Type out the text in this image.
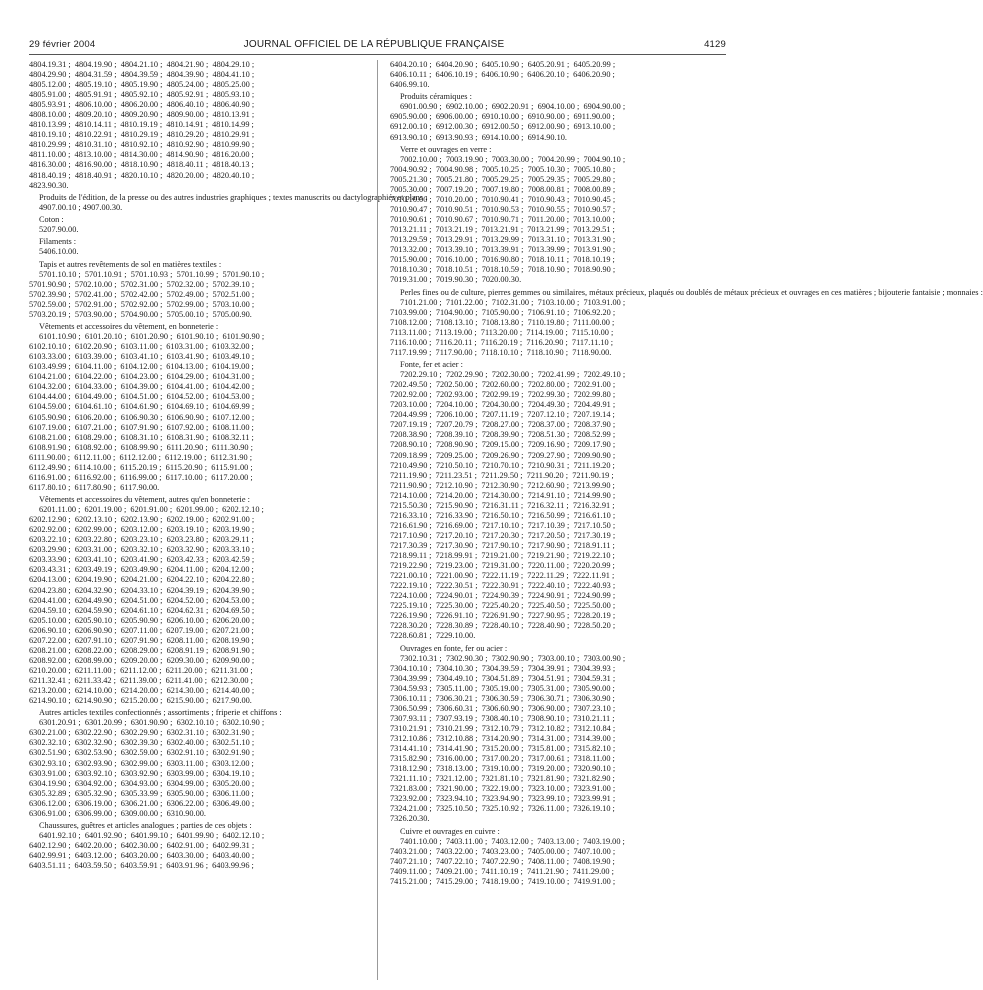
29 février 2004	JOURNAL OFFICIEL DE LA RÉPUBLIQUE FRANÇAISE	4129
4804.19.31 ;  4804.19.90 ;  4804.21.10 ;  4804.21.90 ;  4804.29.10 ;
4804.29.90 ;  4804.31.59 ;  4804.39.59 ;  4804.39.90 ;  4804.41.10 ;
4805.12.00 ;  4805.19.10 ;  4805.19.90 ;  4805.24.00 ;  4805.25.00 ;
4805.91.00 ;  4805.91.91 ;  4805.92.10 ;  4805.92.91 ;  4805.93.10 ;
4805.93.91 ;  4806.10.00 ;  4806.20.00 ;  4806.40.10 ;  4806.40.90 ;
4808.10.00 ;  4809.20.10 ;  4809.20.90 ;  4809.90.00 ;  4810.13.91 ;
4810.13.99 ;  4810.14.11 ;  4810.19.19 ;  4810.14.91 ;  4810.14.99 ;
4810.19.10 ;  4810.22.91 ;  4810.29.19 ;  4810.29.20 ;  4810.29.91 ;
4810.29.99 ;  4810.31.10 ;  4810.92.10 ;  4810.92.90 ;  4810.99.90 ;
4811.10.00 ;  4813.10.00 ;  4814.30.00 ;  4814.90.90 ;  4816.20.00 ;
4816.30.00 ;  4816.90.00 ;  4818.10.90 ;  4818.40.11 ;  4818.40.13 ;
4818.40.19 ;  4818.40.91 ;  4820.10.10 ;  4820.20.00 ;  4820.40.10 ;
4823.90.30.
Produits de l'édition, de la presse ou des autres industries graphiques ; textes manuscrits ou dactylographiés et plans :
4907.00.10 ; 4907.00.30.
Coton :
5207.90.00.
Filaments :
5406.10.00.
Tapis et autres revêtements de sol en matières textiles :
5701.10.10 ;  5701.10.91 ;  5701.10.93 ;  5701.10.99 ;  5701.90.10 ;
5701.90.90 ;  5702.10.00 ;  5702.31.00 ;  5702.32.00 ;  5702.39.10 ;
5702.39.90 ;  5702.41.00 ;  5702.42.00 ;  5702.49.00 ;  5702.51.00 ;
5702.59.00 ;  5702.91.00 ;  5702.92.00 ;  5702.99.00 ;  5703.10.00 ;
5703.20.19 ;  5703.90.00 ;  5704.90.00 ;  5705.00.10 ;  5705.00.90.
Vêtements et accessoires du vêtement, en bonneterie :
6101.10.90 ;  6101.20.10 ;  6101.20.90 ;  6101.90.10 ;  6101.90.90 ;
6102.10.10 ;  6102.20.90 ;  6103.11.00 ;  6103.31.00 ;  6103.32.00 ;
6103.33.00 ;  6103.39.00 ;  6103.41.10 ;  6103.41.90 ;  6103.49.10 ;
6103.49.99 ;  6104.11.00 ;  6104.12.00 ;  6104.13.00 ;  6104.19.00 ;
6104.21.00 ;  6104.22.00 ;  6104.23.00 ;  6104.29.00 ;  6104.31.00 ;
6104.32.00 ;  6104.33.00 ;  6104.39.00 ;  6104.41.00 ;  6104.42.00 ;
6104.44.00 ;  6104.49.00 ;  6104.51.00 ;  6104.52.00 ;  6104.53.00 ;
6104.59.00 ;  6104.61.10 ;  6104.61.90 ;  6104.69.10 ;  6104.69.99 ;
6105.90.90 ;  6106.20.00 ;  6106.90.30 ;  6106.90.90 ;  6107.12.00 ;
6107.19.00 ;  6107.21.00 ;  6107.91.90 ;  6107.92.00 ;  6108.11.00 ;
6108.21.00 ;  6108.29.00 ;  6108.31.10 ;  6108.31.90 ;  6108.32.11 ;
6108.91.90 ;  6108.92.00 ;  6108.99.90 ;  6111.20.90 ;  6111.30.90 ;
6111.90.00 ;  6112.11.00 ;  6112.12.00 ;  6112.19.00 ;  6112.31.90 ;
6112.49.90 ;  6114.10.00 ;  6115.20.19 ;  6115.20.90 ;  6115.91.00 ;
6116.91.00 ;  6116.92.00 ;  6116.99.00 ;  6117.10.00 ;  6117.20.00 ;
6117.80.10 ;  6117.80.90 ;  6117.90.00.
Vêtements et accessoires du vêtement, autres qu'en bonneterie :
6201.11.00 ;  6201.19.00 ;  6201.91.00 ;  6201.99.00 ;  6202.12.10 ;
6202.12.90 ;  6202.13.10 ;  6202.13.90 ;  6202.19.00 ;  6202.91.00 ;
6202.92.00 ;  6202.99.00 ;  6203.12.00 ;  6203.19.10 ;  6203.19.90 ;
6203.22.10 ;  6203.22.80 ;  6203.23.10 ;  6203.23.80 ;  6203.29.11 ;
6203.29.90 ;  6203.31.00 ;  6203.32.10 ;  6203.32.90 ;  6203.33.10 ;
6203.33.90 ;  6203.41.10 ;  6203.41.90 ;  6203.42.33 ;  6203.42.59 ;
6203.43.31 ;  6203.49.19 ;  6203.49.90 ;  6204.11.00 ;  6204.12.00 ;
6204.13.00 ;  6204.19.90 ;  6204.21.00 ;  6204.22.10 ;  6204.22.80 ;
6204.23.80 ;  6204.32.90 ;  6204.33.10 ;  6204.39.19 ;  6204.39.90 ;
6204.41.00 ;  6204.49.90 ;  6204.51.00 ;  6204.52.00 ;  6204.53.00 ;
6204.59.10 ;  6204.59.90 ;  6204.61.10 ;  6204.62.31 ;  6204.69.50 ;
6205.10.00 ;  6205.90.10 ;  6205.90.90 ;  6206.10.00 ;  6206.20.00 ;
6206.90.10 ;  6206.90.90 ;  6207.11.00 ;  6207.19.00 ;  6207.21.00 ;
6207.22.00 ;  6207.91.10 ;  6207.91.90 ;  6208.11.00 ;  6208.19.90 ;
6208.21.00 ;  6208.22.00 ;  6208.29.00 ;  6208.91.19 ;  6208.91.90 ;
6208.92.00 ;  6208.99.00 ;  6209.20.00 ;  6209.30.00 ;  6209.90.00 ;
6210.20.00 ;  6211.11.00 ;  6211.12.00 ;  6211.20.00 ;  6211.31.00 ;
6211.32.41 ;  6211.33.42 ;  6211.39.00 ;  6211.41.00 ;  6212.30.00 ;
6213.20.00 ;  6214.10.00 ;  6214.20.00 ;  6214.30.00 ;  6214.40.00 ;
6214.90.10 ;  6214.90.90 ;  6215.20.00 ;  6215.90.00 ;  6217.90.00.
Autres articles textiles confectionnés ; assortiments ; friperie et chiffons :
6301.20.91 ;  6301.20.99 ;  6301.90.90 ;  6302.10.10 ;  6302.10.90 ;
6302.21.00 ;  6302.22.90 ;  6302.29.90 ;  6302.31.10 ;  6302.31.90 ;
6302.32.10 ;  6302.32.90 ;  6302.39.30 ;  6302.40.00 ;  6302.51.10 ;
6302.51.90 ;  6302.53.90 ;  6302.59.00 ;  6302.91.10 ;  6302.91.90 ;
6302.93.10 ;  6302.93.90 ;  6302.99.00 ;  6303.11.00 ;  6303.12.00 ;
6303.91.00 ;  6303.92.10 ;  6303.92.90 ;  6303.99.00 ;  6304.19.10 ;
6304.19.90 ;  6304.92.00 ;  6304.93.00 ;  6304.99.00 ;  6305.20.00 ;
6305.32.89 ;  6305.32.90 ;  6305.33.99 ;  6305.90.00 ;  6306.11.00 ;
6306.12.00 ;  6306.19.00 ;  6306.21.00 ;  6306.22.00 ;  6306.49.00 ;
6306.91.00 ;  6306.99.00 ;  6309.00.00 ;  6310.90.00.
Chaussures, guêtres et articles analogues ; parties de ces objets :
6401.92.10 ;  6401.92.90 ;  6401.99.10 ;  6401.99.90 ;  6402.12.10 ;
6402.12.90 ;  6402.20.00 ;  6402.30.00 ;  6402.91.00 ;  6402.99.31 ;
6402.99.91 ;  6403.12.00 ;  6403.20.00 ;  6403.30.00 ;  6403.40.00 ;
6403.51.11 ;  6403.59.50 ;  6403.59.91 ;  6403.91.96 ;  6403.99.96 ;
6404.20.10 ;  6404.20.90 ;  6405.10.90 ;  6405.20.91 ;  6405.20.99 ;
6406.10.11 ;  6406.10.19 ;  6406.10.90 ;  6406.20.10 ;  6406.20.90 ;
6406.99.10.
Produits céramiques :
6901.00.90 ;  6902.10.00 ;  6902.20.91 ;  6904.10.00 ;  6904.90.00 ;
6905.90.00 ;  6906.00.00 ;  6910.10.00 ;  6910.90.00 ;  6911.90.00 ;
6912.00.10 ;  6912.00.30 ;  6912.00.50 ;  6912.00.90 ;  6913.10.00 ;
6913.90.10 ;  6913.90.93 ;  6914.10.00 ;  6914.90.10.
Verre et ouvrages en verre :
7002.10.00 ;  7003.19.90 ;  7003.30.00 ;  7004.20.99 ;  7004.90.10 ;
7004.90.92 ;  7004.90.98 ;  7005.10.25 ;  7005.10.30 ;  7005.10.80 ;
7005.21.30 ;  7005.21.80 ;  7005.29.25 ;  7005.29.35 ;  7005.29.80 ;
7005.30.00 ;  7007.19.20 ;  7007.19.80 ;  7008.00.81 ;  7008.00.89 ;
7010.10.00 ;  7010.20.00 ;  7010.90.41 ;  7010.90.43 ;  7010.90.45 ;
7010.90.47 ;  7010.90.51 ;  7010.90.53 ;  7010.90.55 ;  7010.90.57 ;
7010.90.61 ;  7010.90.67 ;  7010.90.71 ;  7011.20.00 ;  7013.10.00 ;
7013.21.11 ;  7013.21.19 ;  7013.21.91 ;  7013.21.99 ;  7013.29.51 ;
7013.29.59 ;  7013.29.91 ;  7013.29.99 ;  7013.31.10 ;  7013.31.90 ;
7013.32.00 ;  7013.39.10 ;  7013.39.91 ;  7013.39.99 ;  7013.91.90 ;
7015.90.00 ;  7016.10.00 ;  7016.90.80 ;  7018.10.11 ;  7018.10.19 ;
7018.10.30 ;  7018.10.51 ;  7018.10.59 ;  7018.10.90 ;  7018.90.90 ;
7019.31.00 ;  7019.90.30 ;  7020.00.30.
Perles fines ou de culture, pierres gemmes ou similaires, métaux précieux, plaqués ou doublés de métaux précieux et ouvrages en ces matières ; bijouterie fantaisie ; monnaies :
7101.21.00 ;  7101.22.00 ;  7102.31.00 ;  7103.10.00 ;  7103.91.00 ;
7103.99.00 ;  7104.90.00 ;  7105.90.00 ;  7106.91.10 ;  7106.92.20 ;
7108.12.00 ;  7108.13.10 ;  7108.13.80 ;  7110.19.80 ;  7111.00.00 ;
7113.11.00 ;  7113.19.00 ;  7113.20.00 ;  7114.19.00 ;  7115.10.00 ;
7116.10.00 ;  7116.20.11 ;  7116.20.19 ;  7116.20.90 ;  7117.11.10 ;
7117.19.99 ;  7117.90.00 ;  7118.10.10 ;  7118.10.90 ;  7118.90.00.
Fonte, fer et acier :
7202.29.10 ;  7202.29.90 ;  7202.30.00 ;  7202.41.99 ;  7202.49.10 ;
7202.49.50 ;  7202.50.00 ;  7202.60.00 ;  7202.80.00 ;  7202.91.00 ;
7202.92.00 ;  7202.93.00 ;  7202.99.19 ;  7202.99.30 ;  7202.99.80 ;
7203.10.00 ;  7204.10.00 ;  7204.30.00 ;  7204.49.30 ;  7204.49.91 ;
7204.49.99 ;  7206.10.00 ;  7207.11.19 ;  7207.12.10 ;  7207.19.14 ;
7207.19.19 ;  7207.20.79 ;  7208.27.00 ;  7208.37.00 ;  7208.37.90 ;
7208.38.90 ;  7208.39.10 ;  7208.39.90 ;  7208.51.30 ;  7208.52.99 ;
7208.90.10 ;  7208.90.90 ;  7209.15.00 ;  7209.16.90 ;  7209.17.90 ;
7209.18.99 ;  7209.25.00 ;  7209.26.90 ;  7209.27.90 ;  7209.90.90 ;
7210.49.90 ;  7210.50.10 ;  7210.70.10 ;  7210.90.31 ;  7211.19.20 ;
7211.19.90 ;  7211.23.51 ;  7211.29.50 ;  7211.90.20 ;  7211.90.19 ;
7211.90.90 ;  7212.10.90 ;  7212.30.90 ;  7212.60.90 ;  7213.99.90 ;
7214.10.00 ;  7214.20.00 ;  7214.30.00 ;  7214.91.10 ;  7214.99.90 ;
7215.50.30 ;  7215.90.90 ;  7216.31.11 ;  7216.32.11 ;  7216.32.91 ;
7216.33.10 ;  7216.33.90 ;  7216.50.10 ;  7216.50.99 ;  7216.61.10 ;
7216.61.90 ;  7216.69.00 ;  7217.10.10 ;  7217.10.39 ;  7217.10.50 ;
7217.10.90 ;  7217.20.10 ;  7217.20.30 ;  7217.20.50 ;  7217.30.19 ;
7217.30.39 ;  7217.30.90 ;  7217.90.10 ;  7217.90.90 ;  7218.91.11 ;
7218.99.11 ;  7218.99.91 ;  7219.21.00 ;  7219.21.90 ;  7219.22.10 ;
7219.22.90 ;  7219.23.00 ;  7219.31.00 ;  7220.11.00 ;  7220.20.99 ;
7221.00.10 ;  7221.00.90 ;  7222.11.19 ;  7222.11.29 ;  7222.11.91 ;
7222.19.10 ;  7222.30.51 ;  7222.30.91 ;  7222.40.10 ;  7222.40.93 ;
7224.10.00 ;  7224.90.01 ;  7224.90.39 ;  7224.90.91 ;  7224.90.99 ;
7225.19.10 ;  7225.30.00 ;  7225.40.20 ;  7225.40.50 ;  7225.50.00 ;
7226.19.90 ;  7226.91.10 ;  7226.91.90 ;  7227.90.95 ;  7228.20.19 ;
7228.30.20 ;  7228.30.89 ;  7228.40.10 ;  7228.40.90 ;  7228.50.20 ;
7228.60.81 ;  7229.10.00.
Ouvrages en fonte, fer ou acier :
7302.10.31 ;  7302.90.30 ;  7302.90.90 ;  7303.00.10 ;  7303.00.90 ;
7304.10.10 ;  7304.10.30 ;  7304.39.59 ;  7304.39.91 ;  7304.39.93 ;
7304.39.99 ;  7304.49.10 ;  7304.51.89 ;  7304.51.91 ;  7304.59.31 ;
7304.59.93 ;  7305.11.00 ;  7305.19.00 ;  7305.31.00 ;  7305.90.00 ;
7306.10.11 ;  7306.30.21 ;  7306.30.59 ;  7306.30.71 ;  7306.30.90 ;
7306.50.99 ;  7306.60.31 ;  7306.60.90 ;  7306.90.00 ;  7307.23.10 ;
7307.93.11 ;  7307.93.19 ;  7308.40.10 ;  7308.90.10 ;  7310.21.11 ;
7310.21.91 ;  7310.21.99 ;  7312.10.79 ;  7312.10.82 ;  7312.10.84 ;
7312.10.86 ;  7312.10.88 ;  7314.20.90 ;  7314.31.00 ;  7314.39.00 ;
7314.41.10 ;  7314.41.90 ;  7315.20.00 ;  7315.81.00 ;  7315.82.10 ;
7315.82.90 ;  7316.00.00 ;  7317.00.20 ;  7317.00.61 ;  7318.11.00 ;
7318.12.90 ;  7318.13.00 ;  7319.10.00 ;  7319.20.00 ;  7320.90.10 ;
7321.11.10 ;  7321.12.00 ;  7321.81.10 ;  7321.81.90 ;  7321.82.90 ;
7321.83.00 ;  7321.90.00 ;  7322.19.00 ;  7323.10.00 ;  7323.91.00 ;
7323.92.00 ;  7323.94.10 ;  7323.94.90 ;  7323.99.10 ;  7323.99.91 ;
7324.21.00 ;  7325.10.50 ;  7325.10.92 ;  7326.11.00 ;  7326.19.10 ;
7326.20.30.
Cuivre et ouvrages en cuivre :
7401.10.00 ;  7403.11.00 ;  7403.12.00 ;  7403.13.00 ;  7403.19.00 ;
7403.21.00 ;  7403.22.00 ;  7403.23.00 ;  7405.00.00 ;  7407.10.00 ;
7407.21.10 ;  7407.22.10 ;  7407.22.90 ;  7408.11.00 ;  7408.19.90 ;
7409.11.00 ;  7409.21.00 ;  7411.10.19 ;  7411.21.90 ;  7411.29.00 ;
7415.21.00 ;  7415.29.00 ;  7418.19.00 ;  7419.10.00 ;  7419.91.00 ;
